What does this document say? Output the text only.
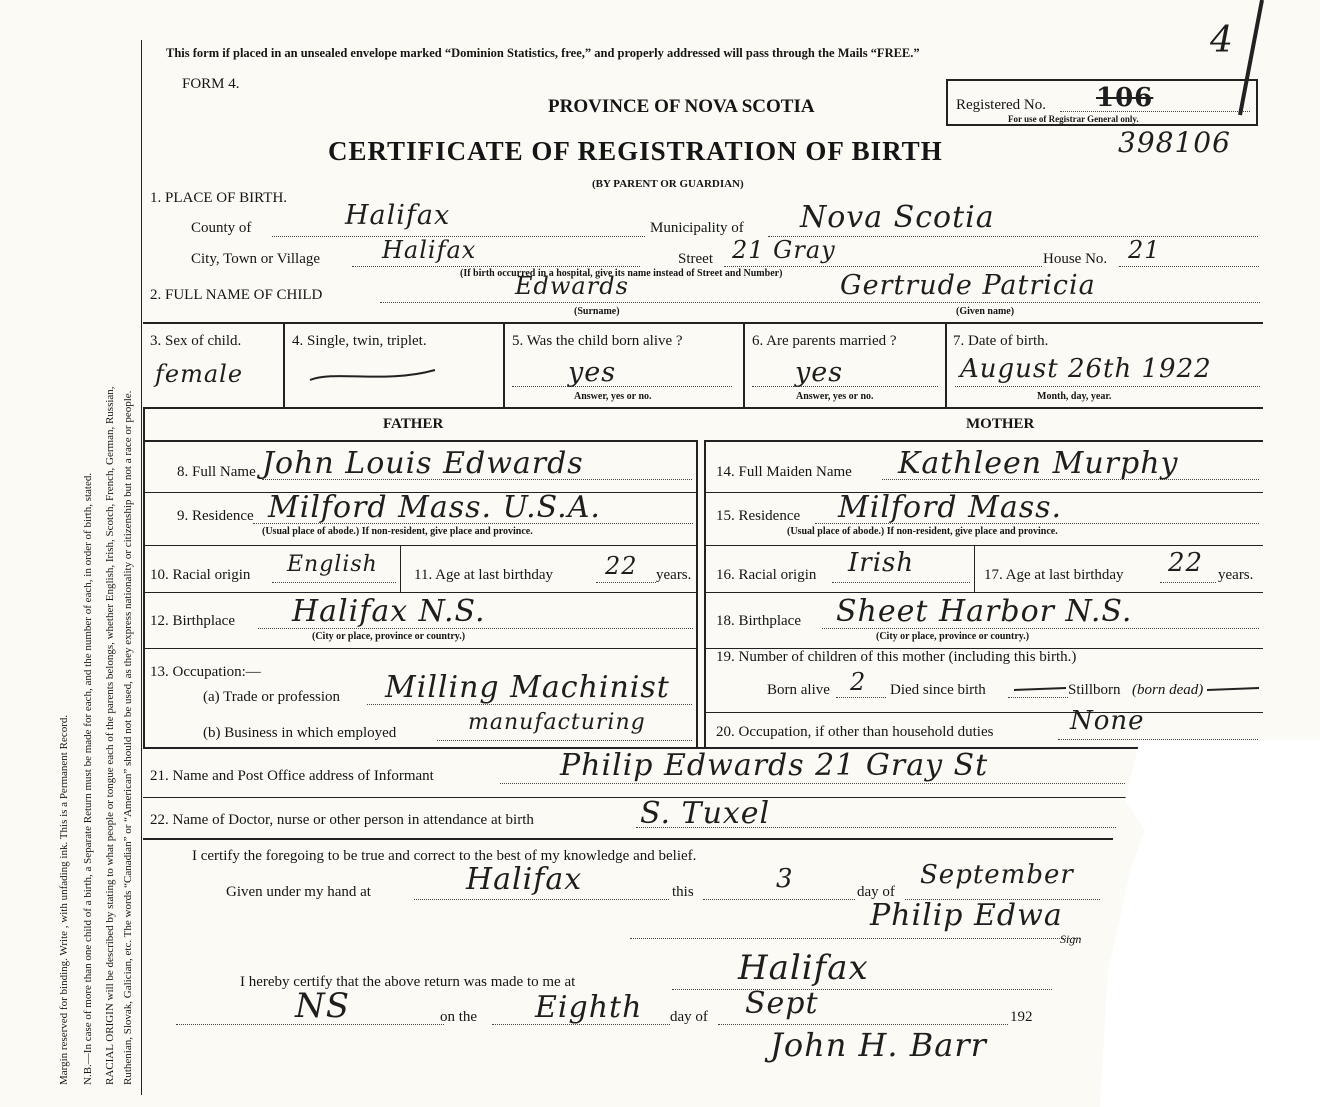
Margin reserved for binding. Write , with unfading ink. This is a Permanent Record. N.B.—In case of more than one child of a birth, a Separate Return must be made for each, and the number of each, in order of birth, stated. RACIAL ORIGIN will be described by stating to what people or tongue each of the parents belongs, whether English, Irish, Scotch, French, German, Russian, Ruthenian, Slovak, Galician, etc. The words “Canadian” or “American” should not be used, as they express nationality or citizenship but not a race or people.
This form if placed in an unsealed envelope marked “Dominion Statistics, free,” and properly addressed will pass through the Mails “FREE.”
FORM 4.
PROVINCE OF NOVA SCOTIA
CERTIFICATE OF REGISTRATION OF BIRTH
(BY PARENT OR GUARDIAN)
Registered No. 106
For use of Registrar General only.
398106
4
1. PLACE OF BIRTH.
County of	Halifax	Municipality of Nova Scotia
City, Town or Village	Halifax	Street 21 Gray	House No. 21
(If birth occurred in a hospital, give its name instead of Street and Number)
2. FULL NAME OF CHILD	Edwards	Gertrude Patricia
(Surname)	(Given name)
3. Sex of child.
female
4. Single, twin, triplet.	5. Was the child born alive ?
yes
Answer, yes or no.
6. Are parents married ?
yes
Answer, yes or no.
7. Date of birth.
August 26th 1922
Month, day, year.
FATHER	MOTHER
8. Full Name John Louis Edwards
9. Residence Milford Mass. U.S.A.
(Usual place of abode.) If non-resident, give place and province.
10. Racial origin English 11. Age at last birthday 22 years.
12. Birthplace Halifax N.S.
(City or place, province or country.)
13. Occupation:—
(a) Trade or profession Milling Machinist
(b) Business in which employed	manufacturing
14. Full Maiden Name Kathleen Murphy
15. Residence Milford Mass.
(Usual place of abode.) If non-resident, give place and province.
16. Racial origin Irish	17. Age at last birthday 22 years.
18. Birthplace Sheet Harbor N.S.
(City or place, province or country.)
19. Number of children of this mother (including this birth.)
Born alive 2 Died since birth	Stillborn (born dead)
20. Occupation, if other than household duties	None
21. Name and Post Office address of Informant	Philip Edwards 21 Gray St
22. Name of Doctor, nurse or other person in attendance at birth	S. Tuxel
I certify the foregoing to be true and correct to the best of my knowledge and belief.
Given under my hand at	Halifax	this	3	day of
September
Philip Edwa
Sign
I hereby certify that the above return was made to me at	Halifax
NS	on the Eighth day of Sept	192
John H. Barr
